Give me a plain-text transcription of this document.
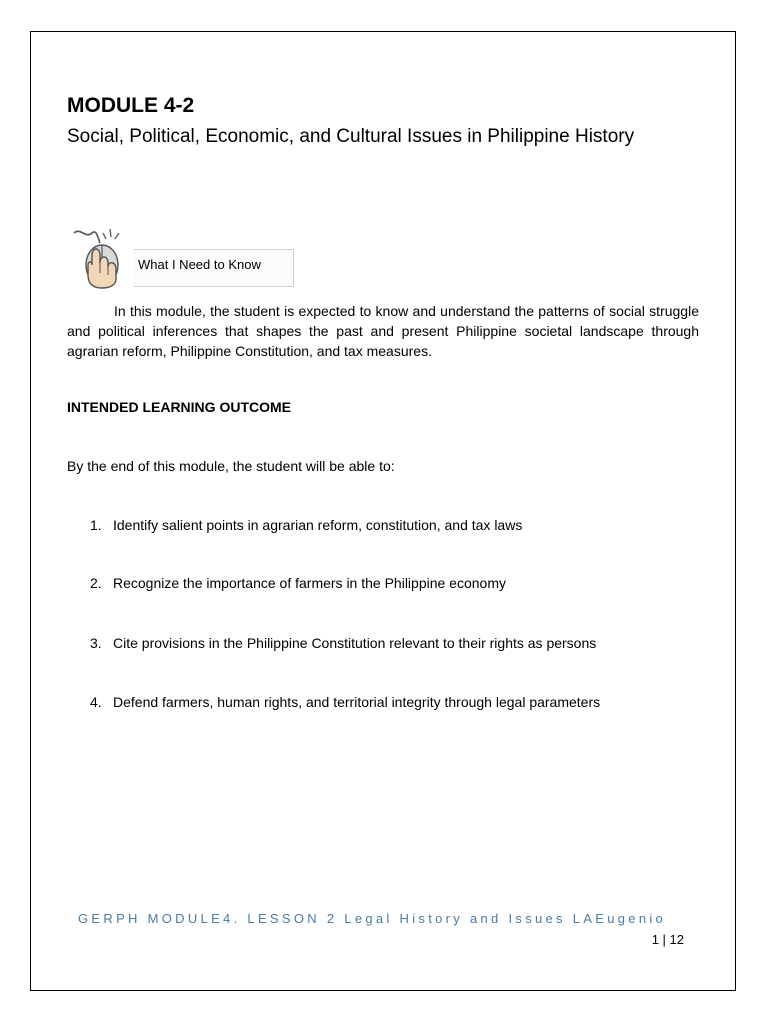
MODULE 4-2
Social, Political, Economic, and Cultural Issues in Philippine History
What I Need to Know

In this module, the student is expected to know and understand the patterns of social struggle and political inferences that shapes the past and present Philippine societal landscape through agrarian reform, Philippine Constitution, and tax measures.

INTENDED LEARNING OUTCOME

By the end of this module, the student will be able to:

1. Identify salient points in agrarian reform, constitution, and tax laws
2. Recognize the importance of farmers in the Philippine economy
3. Cite provisions in the Philippine Constitution relevant to their rights as persons
4. Defend farmers, human rights, and territorial integrity through legal parameters
GERPH MODULE4. LESSON 2 Legal History and Issues LAEugenio
1 | 12
